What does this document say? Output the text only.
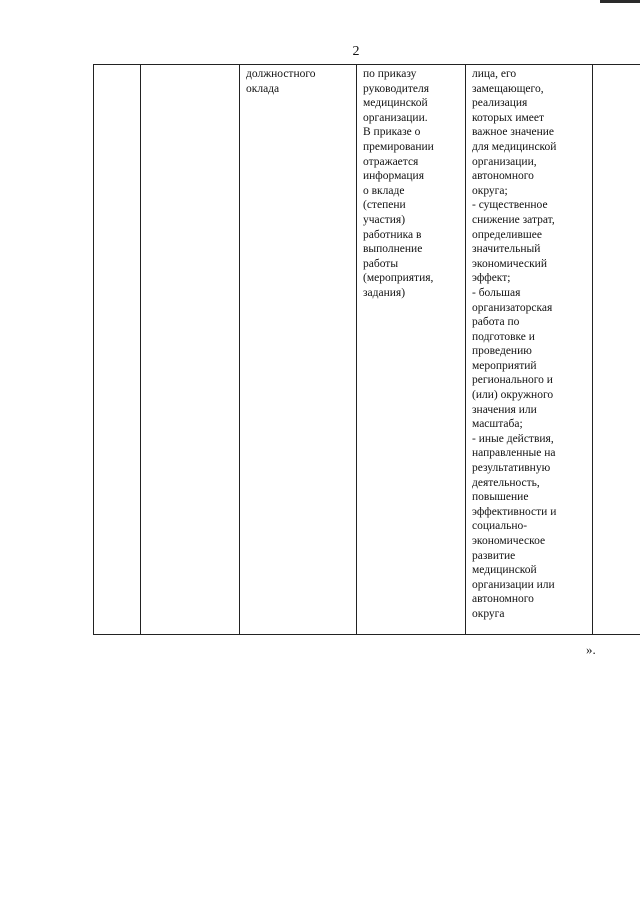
2
		должностного
оклада	по приказу
руководителя
медицинской
организации.
В приказе о
премировании
отражается
информация
о вкладе
(степени
участия)
работника в
выполнение
работы
(мероприятия,
задания)	лица, его
замещающего,
реализация
которых имеет
важное значение
для медицинской
организации,
автономного
округа;
- существенное
снижение затрат,
определившее
значительный
экономический
эффект;
- большая
организаторская
работа по
подготовке и
проведению
мероприятий
регионального и
(или) окружного
значения или
масштаба;
- иные действия,
направленные на
результативную
деятельность,
повышение
эффективности и
социально-
экономическое
развитие
медицинской
организации или
автономного
округа	
».
